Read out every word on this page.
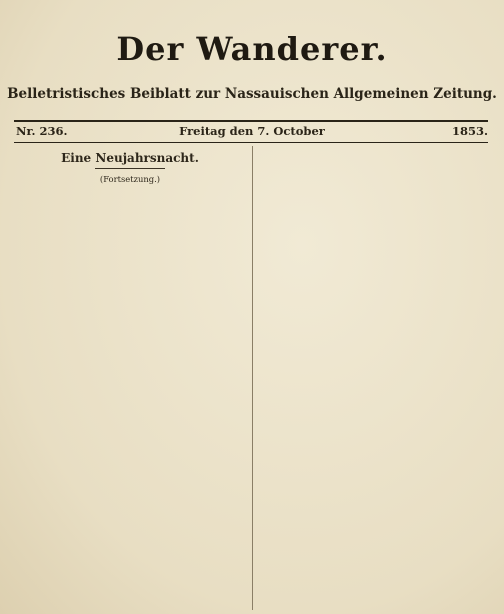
Der Wanderer.
Belletristisches Beiblatt zur Nassauischen Allgemeinen Zeitung.
Nr. 236.	Freitag den 7. October	1853.
Eine Neujahrsnacht.
(Fortsetzung.)
